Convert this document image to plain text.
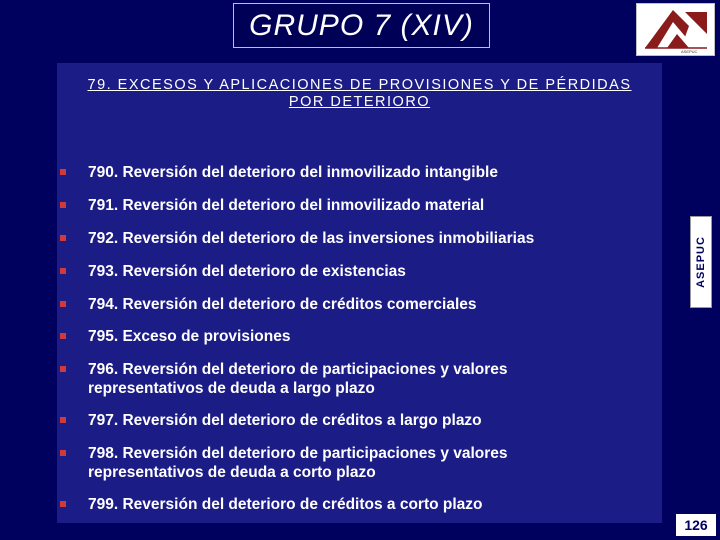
GRUPO 7 (XIV)
ASEPUC
79. EXCESOS Y APLICACIONES DE PROVISIONES Y DE PÉRDIDAS
POR DETERIORO
790. Reversión del deterioro del inmovilizado intangible
791. Reversión del deterioro del inmovilizado material
792. Reversión del deterioro de las inversiones inmobiliarias
793. Reversión del deterioro de existencias
794. Reversión del deterioro de créditos comerciales
795. Exceso de provisiones
796. Reversión del deterioro de participaciones y valores
representativos de deuda a largo plazo
797. Reversión del deterioro de créditos a largo plazo
798. Reversión del deterioro de participaciones y valores
representativos de deuda a corto plazo
799. Reversión del deterioro de créditos a corto plazo
ASEPUC
126
